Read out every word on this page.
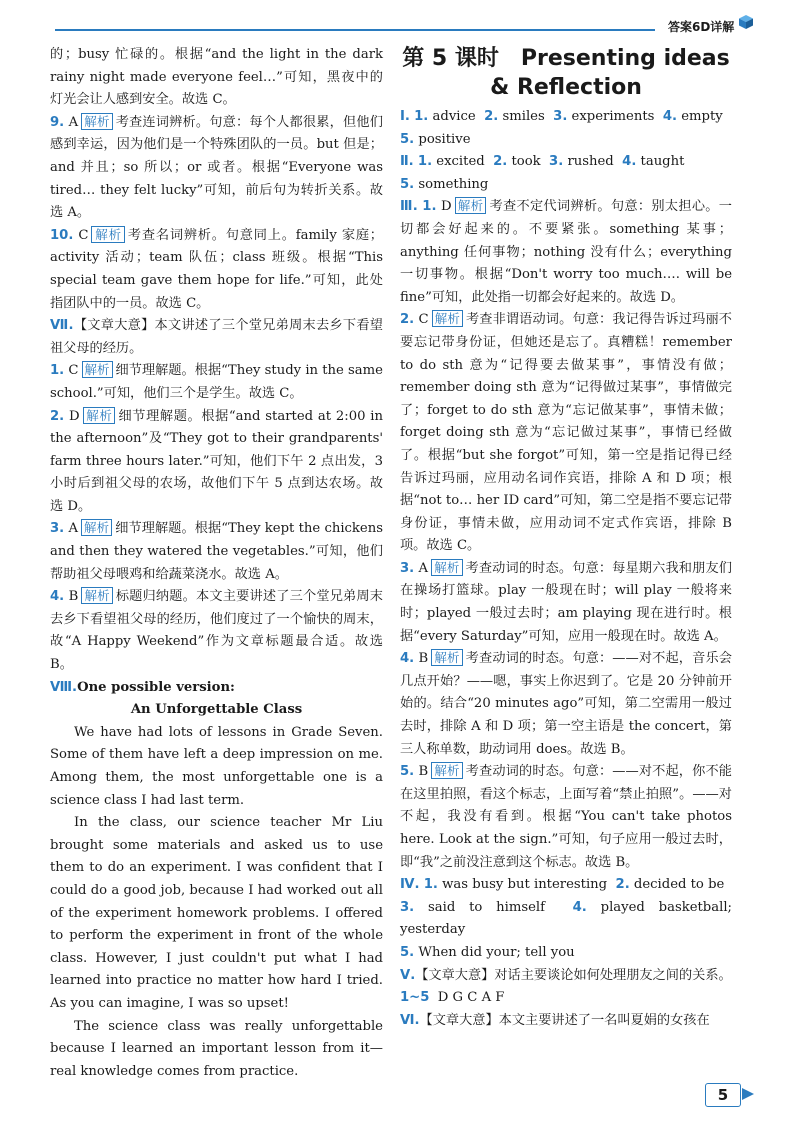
答案6D详解

的；busy 忙碌的。根据“and the light in the dark rainy night made everyone feel…”可知，黑夜中的灯光会让人感到安全。故选 C。

9. A 解析 考查连词辨析。句意：每个人都很累，但他们感到幸运，因为他们是一个特殊团队的一员。but 但是；and 并且；so 所以；or 或者。根据“Everyone was tired… they felt lucky”可知，前后句为转折关系。故选 A。

10. C 解析 考查名词辨析。句意同上。family 家庭；activity 活动；team 队伍；class 班级。根据“This special team gave them hope for life.”可知，此处指团队中的一员。故选 C。

Ⅶ.【文章大意】本文讲述了三个堂兄弟周末去乡下看望祖父母的经历。

1. C 解析 细节理解题。根据“They study in the same school.”可知，他们三个是学生。故选 C。

2. D 解析 细节理解题。根据“and started at 2:00 in the afternoon”及“They got to their grandparents' farm three hours later.”可知，他们下午 2 点出发，3 小时后到祖父母的农场，故他们下午 5 点到达农场。故选 D。

3. A 解析 细节理解题。根据“They kept the chickens and then they watered the vegetables.”可知，他们帮助祖父母喂鸡和给蔬菜浇水。故选 A。

4. B 解析 标题归纳题。本文主要讲述了三个堂兄弟周末去乡下看望祖父母的经历，他们度过了一个愉快的周末，故“A Happy Weekend”作为文章标题最合适。故选 B。

Ⅷ.One possible version:

An Unforgettable Class

We have had lots of lessons in Grade Seven. Some of them have left a deep impression on me. Among them, the most unforgettable one is a science class I had last term.

In the class, our science teacher Mr Liu brought some materials and asked us to use them to do an experiment. I was confident that I could do a good job, because I had worked out all of the experiment homework problems. I offered to perform the experiment in front of the whole class. However, I just couldn't put what I had learned into practice no matter how hard I tried. As you can imagine, I was so upset!

The science class was really unforgettable because I learned an important lesson from it—real knowledge comes from practice.

第 5 课时　Presenting ideas & Reflection

Ⅰ. 1. advice 2. smiles 3. experiments 4. empty
5. positive

Ⅱ. 1. excited 2. took 3. rushed 4. taught
5. something

Ⅲ. 1. D 解析 考查不定代词辨析。句意：别太担心。一切都会好起来的。不要紧张。something 某事；anything 任何事物；nothing 没有什么；everything 一切事物。根据“Don't worry too much…. will be fine”可知，此处指一切都会好起来的。故选 D。

2. C 解析 考查非谓语动词。句意：我记得告诉过玛丽不要忘记带身份证，但她还是忘了。真糟糕！remember to do sth 意为“记得要去做某事”，事情没有做；remember doing sth 意为“记得做过某事”，事情做完了；forget to do sth 意为“忘记做某事”，事情未做；forget doing sth 意为“忘记做过某事”，事情已经做了。根据“but she forgot”可知，第一空是指记得已经告诉过玛丽，应用动名词作宾语，排除 A 和 D 项；根据“not to… her ID card”可知，第二空是指不要忘记带身份证，事情未做，应用动词不定式作宾语，排除 B 项。故选 C。

3. A 解析 考查动词的时态。句意：每星期六我和朋友们在操场打篮球。play 一般现在时；will play 一般将来时；played 一般过去时；am playing 现在进行时。根据“every Saturday”可知，应用一般现在时。故选 A。

4. B 解析 考查动词的时态。句意：——对不起，音乐会几点开始？——嗯，事实上你迟到了。它是 20 分钟前开始的。结合“20 minutes ago”可知，第二空需用一般过去时，排除 A 和 D 项；第一空主语是 the concert，第三人称单数，助动词用 does。故选 B。

5. B 解析 考查动词的时态。句意：——对不起，你不能在这里拍照，看这个标志，上面写着“禁止拍照”。——对不起，我没有看到。根据“You can't take photos here. Look at the sign.”可知，句子应用一般过去时，即“我”之前没注意到这个标志。故选 B。

Ⅳ. 1. was busy but interesting 2. decided to be
3. said to himself 4. played basketball; yesterday
5. When did your; tell you

Ⅴ.【文章大意】对话主要谈论如何处理朋友之间的关系。

1~5 D G C A F

Ⅵ.【文章大意】本文主要讲述了一名叫夏娟的女孩在

5
